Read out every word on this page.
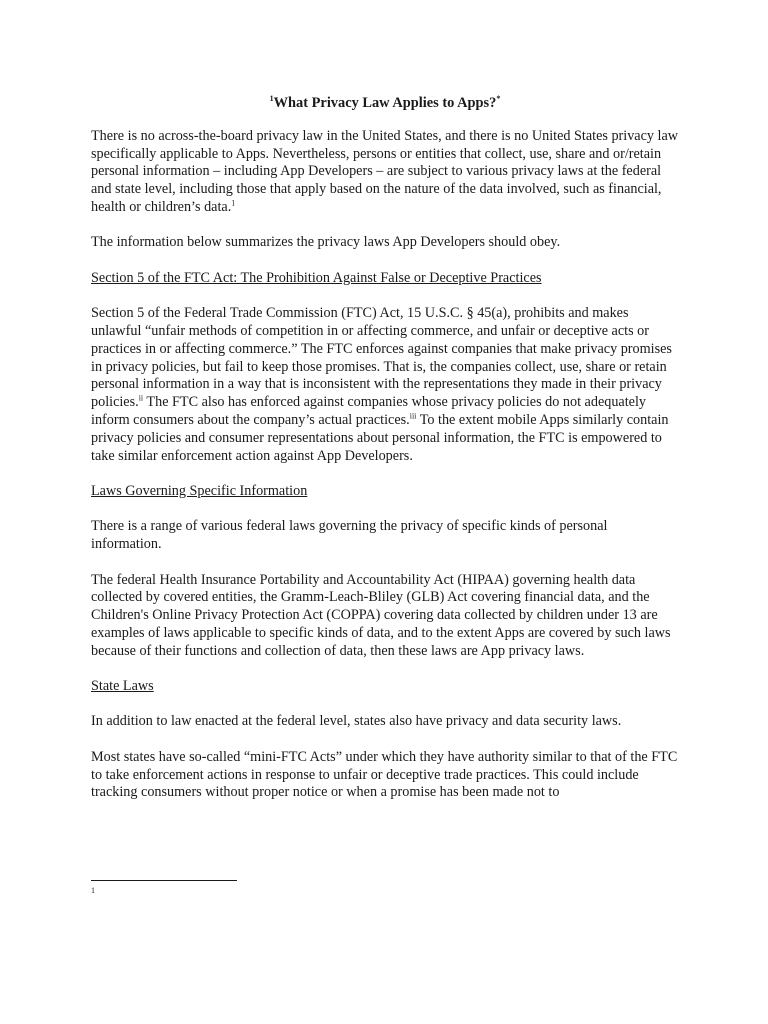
$^1$What Privacy Law Applies to Apps?*

There is no across-the-board privacy law in the United States, and there is no United States privacy law specifically applicable to Apps. Nevertheless, persons or entities that collect, use, share and or/retain personal information – including App Developers – are subject to various privacy laws at the federal and state level, including those that apply based on the nature of the data involved, such as financial, health or children’s data.$^1$

The information below summarizes the privacy laws App Developers should obey.

Section 5 of the FTC Act: The Prohibition Against False or Deceptive Practices

Section 5 of the Federal Trade Commission (FTC) Act, 15 U.S.C. § 45(a), prohibits and makes unlawful “unfair methods of competition in or affecting commerce, and unfair or deceptive acts or practices in or affecting commerce.” The FTC enforces against companies that make privacy promises in privacy policies, but fail to keep those promises. That is, the companies collect, use, share or retain personal information in a way that is inconsistent with the representations they made in their privacy policies.$^{ii}$ The FTC also has enforced against companies whose privacy policies do not adequately inform consumers about the company’s actual practices.$^{iii}$ To the extent mobile Apps similarly contain privacy policies and consumer representations about personal information, the FTC is empowered to take similar enforcement action against App Developers.

Laws Governing Specific Information

There is a range of various federal laws governing the privacy of specific kinds of personal information.

The federal Health Insurance Portability and Accountability Act (HIPAA) governing health data collected by covered entities, the Gramm-Leach-Bliley (GLB) Act covering financial data, and the Children's Online Privacy Protection Act (COPPA) covering data collected by children under 13 are examples of laws applicable to specific kinds of data, and to the extent Apps are covered by such laws because of their functions and collection of data, then these laws are App privacy laws.

State Laws

In addition to law enacted at the federal level, states also have privacy and data security laws.

Most states have so-called “mini-FTC Acts” under which they have authority similar to that of the FTC to take enforcement actions in response to unfair or deceptive trade practices. This could include tracking consumers without proper notice or when a promise has been made not to

1
